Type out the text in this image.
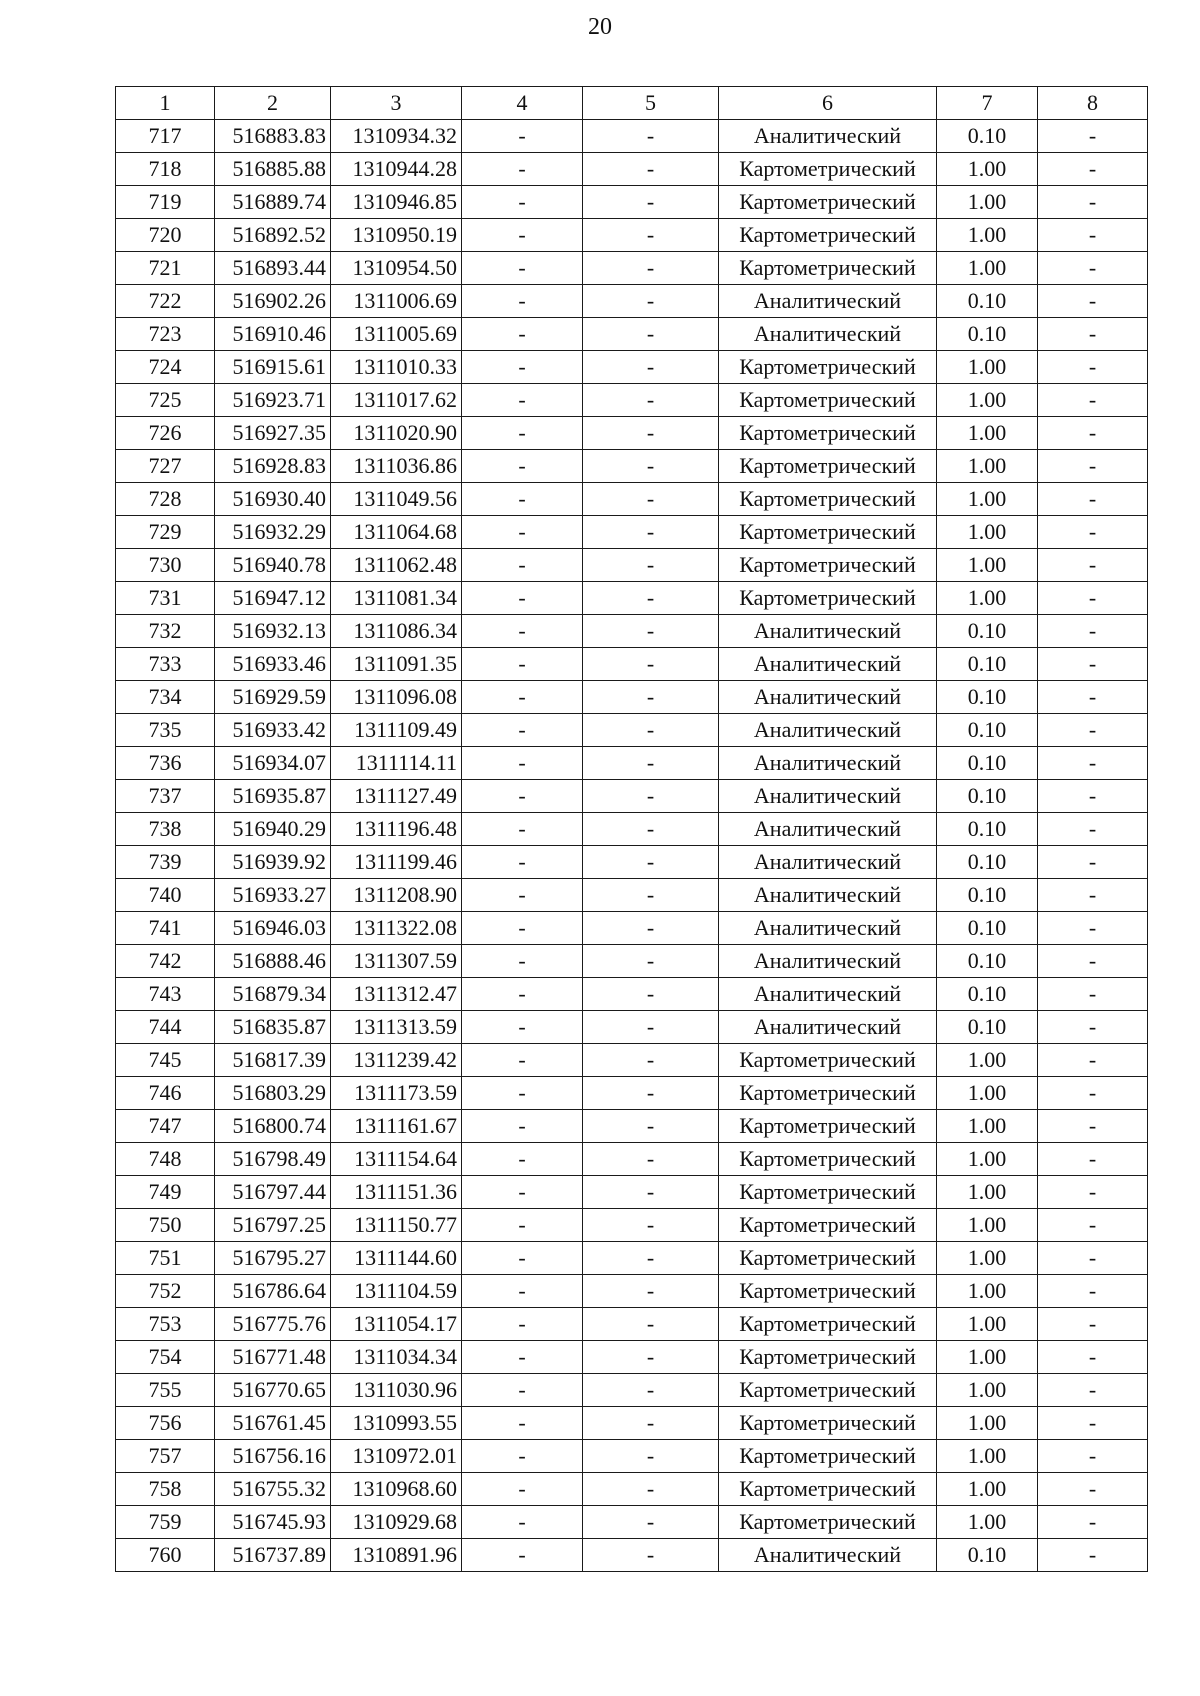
20
1	2	3	4	5	6	7	8
717	516883.83	1310934.32	-	-	Аналитический	0.10	-
718	516885.88	1310944.28	-	-	Картометрический	1.00	-
719	516889.74	1310946.85	-	-	Картометрический	1.00	-
720	516892.52	1310950.19	-	-	Картометрический	1.00	-
721	516893.44	1310954.50	-	-	Картометрический	1.00	-
722	516902.26	1311006.69	-	-	Аналитический	0.10	-
723	516910.46	1311005.69	-	-	Аналитический	0.10	-
724	516915.61	1311010.33	-	-	Картометрический	1.00	-
725	516923.71	1311017.62	-	-	Картометрический	1.00	-
726	516927.35	1311020.90	-	-	Картометрический	1.00	-
727	516928.83	1311036.86	-	-	Картометрический	1.00	-
728	516930.40	1311049.56	-	-	Картометрический	1.00	-
729	516932.29	1311064.68	-	-	Картометрический	1.00	-
730	516940.78	1311062.48	-	-	Картометрический	1.00	-
731	516947.12	1311081.34	-	-	Картометрический	1.00	-
732	516932.13	1311086.34	-	-	Аналитический	0.10	-
733	516933.46	1311091.35	-	-	Аналитический	0.10	-
734	516929.59	1311096.08	-	-	Аналитический	0.10	-
735	516933.42	1311109.49	-	-	Аналитический	0.10	-
736	516934.07	1311114.11	-	-	Аналитический	0.10	-
737	516935.87	1311127.49	-	-	Аналитический	0.10	-
738	516940.29	1311196.48	-	-	Аналитический	0.10	-
739	516939.92	1311199.46	-	-	Аналитический	0.10	-
740	516933.27	1311208.90	-	-	Аналитический	0.10	-
741	516946.03	1311322.08	-	-	Аналитический	0.10	-
742	516888.46	1311307.59	-	-	Аналитический	0.10	-
743	516879.34	1311312.47	-	-	Аналитический	0.10	-
744	516835.87	1311313.59	-	-	Аналитический	0.10	-
745	516817.39	1311239.42	-	-	Картометрический	1.00	-
746	516803.29	1311173.59	-	-	Картометрический	1.00	-
747	516800.74	1311161.67	-	-	Картометрический	1.00	-
748	516798.49	1311154.64	-	-	Картометрический	1.00	-
749	516797.44	1311151.36	-	-	Картометрический	1.00	-
750	516797.25	1311150.77	-	-	Картометрический	1.00	-
751	516795.27	1311144.60	-	-	Картометрический	1.00	-
752	516786.64	1311104.59	-	-	Картометрический	1.00	-
753	516775.76	1311054.17	-	-	Картометрический	1.00	-
754	516771.48	1311034.34	-	-	Картометрический	1.00	-
755	516770.65	1311030.96	-	-	Картометрический	1.00	-
756	516761.45	1310993.55	-	-	Картометрический	1.00	-
757	516756.16	1310972.01	-	-	Картометрический	1.00	-
758	516755.32	1310968.60	-	-	Картометрический	1.00	-
759	516745.93	1310929.68	-	-	Картометрический	1.00	-
760	516737.89	1310891.96	-	-	Аналитический	0.10	-
